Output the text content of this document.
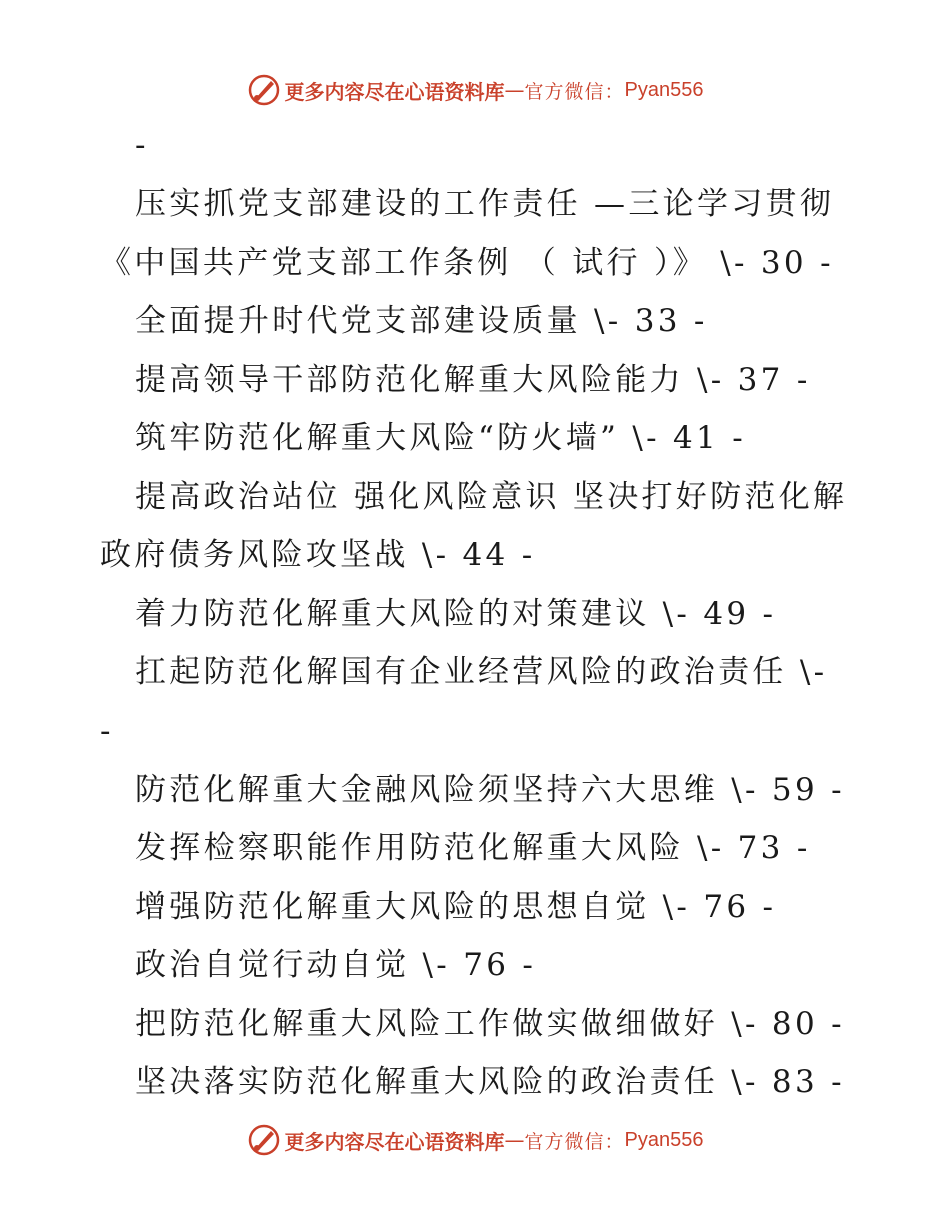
更多内容尽在心语资料库 — 官方微信： Pyan556
-
压实抓党支部建设的工作责任 —三论学习贯彻
《中国共产党支部工作条例 （ 试行 ）》 \- 30 -
全面提升时代党支部建设质量 \- 33 -
提高领导干部防范化解重大风险能力 \- 37 -
筑牢防范化解重大风险“防火墙” \- 41 -
提高政治站位 强化风险意识 坚决打好防范化解
政府债务风险攻坚战 \- 44 -
着力防范化解重大风险的对策建议 \- 49 -
扛起防范化解国有企业经营风险的政治责任 \-
-
防范化解重大金融风险须坚持六大思维 \- 59 -
发挥检察职能作用防范化解重大风险 \- 73 -
增强防范化解重大风险的思想自觉 \- 76 -
政治自觉行动自觉 \- 76 -
把防范化解重大风险工作做实做细做好 \- 80 -
坚决落实防范化解重大风险的政治责任 \- 83 -
更多内容尽在心语资料库 — 官方微信： Pyan556
